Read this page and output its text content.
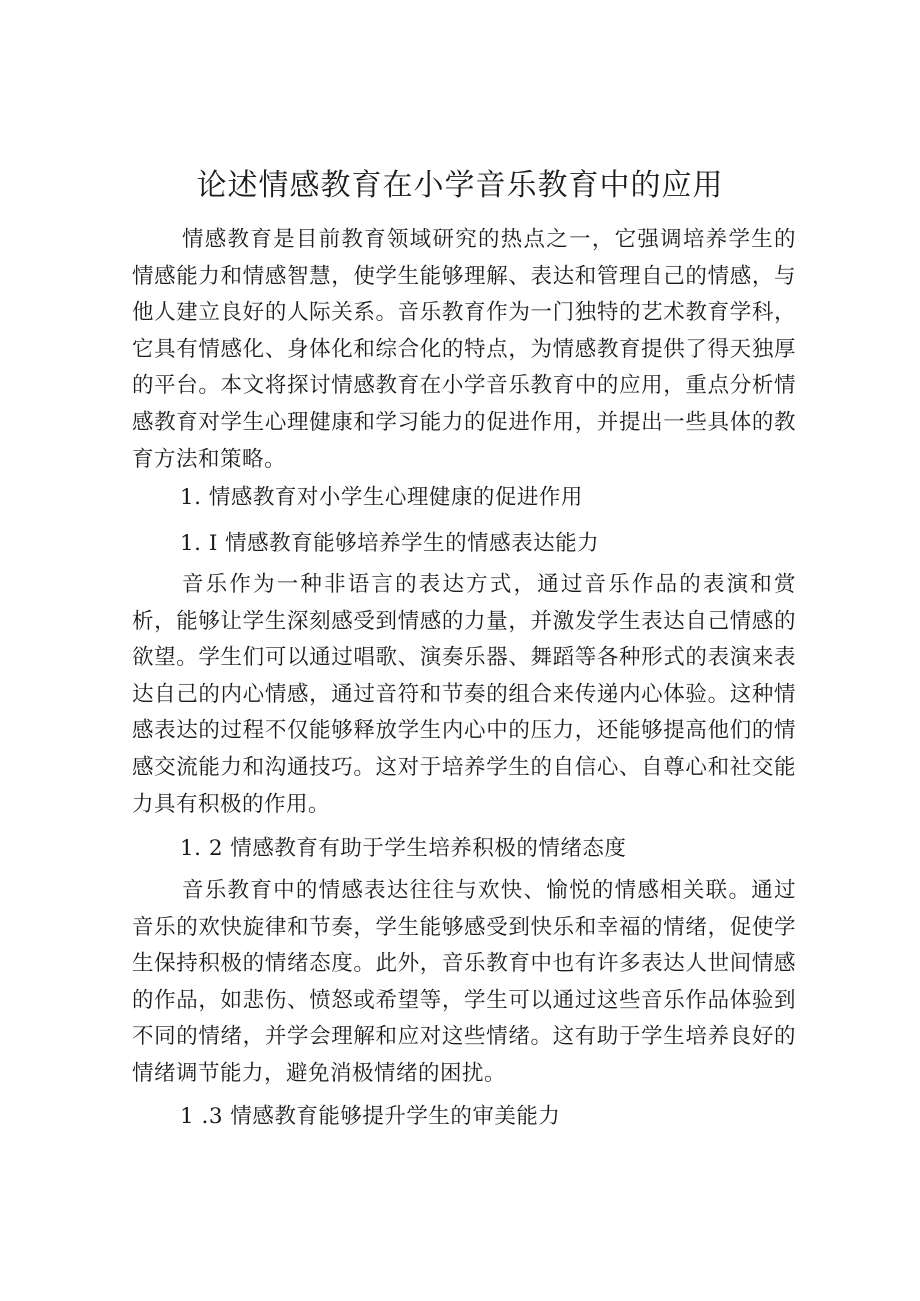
论述情感教育在小学音乐教育中的应用

情感教育是目前教育领域研究的热点之一，它强调培养学生的情感能力和情感智慧，使学生能够理解、表达和管理自己的情感，与他人建立良好的人际关系。音乐教育作为一门独特的艺术教育学科，它具有情感化、身体化和综合化的特点，为情感教育提供了得天独厚的平台。本文将探讨情感教育在小学音乐教育中的应用，重点分析情感教育对学生心理健康和学习能力的促进作用，并提出一些具体的教育方法和策略。

1. 情感教育对小学生心理健康的促进作用
1. I 情感教育能够培养学生的情感表达能力

音乐作为一种非语言的表达方式，通过音乐作品的表演和赏析，能够让学生深刻感受到情感的力量，并激发学生表达自己情感的欲望。学生们可以通过唱歌、演奏乐器、舞蹈等各种形式的表演来表达自己的内心情感，通过音符和节奏的组合来传递内心体验。这种情感表达的过程不仅能够释放学生内心中的压力，还能够提高他们的情感交流能力和沟通技巧。这对于培养学生的自信心、自尊心和社交能力具有积极的作用。

1. 2 情感教育有助于学生培养积极的情绪态度

音乐教育中的情感表达往往与欢快、愉悦的情感相关联。通过音乐的欢快旋律和节奏，学生能够感受到快乐和幸福的情绪，促使学生保持积极的情绪态度。此外，音乐教育中也有许多表达人世间情感的作品，如悲伤、愤怒或希望等，学生可以通过这些音乐作品体验到不同的情绪，并学会理解和应对这些情绪。这有助于学生培养良好的情绪调节能力，避免消极情绪的困扰。

1 .3 情感教育能够提升学生的审美能力
